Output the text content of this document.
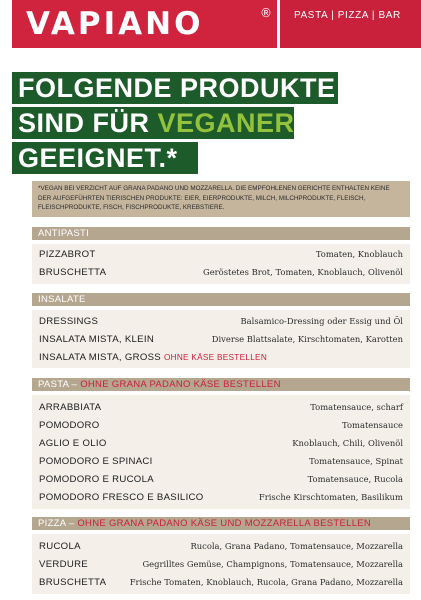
VAPIANO	® PASTA | PIZZA | BAR
FOLGENDE PRODUKTE
SIND FÜR VEGANER
GEEIGNET.*
*VEGAN BEI VERZICHT AUF GRANA PADANO UND MOZZARELLA. DIE EMPFOHLENEN GERICHTE ENTHALTEN KEINE DER AUFGEFÜHRTEN TIERISCHEN PRODUKTE: EIER, EIERPRODUKTE, MILCH, MILCHPRODUKTE, FLEISCH, FLEISCHPRODUKTE, FISCH, FISCHPRODUKTE, KREBSTIERE.
ANTIPASTI
PIZZABROT	Tomaten, Knoblauch
BRUSCHETTA	Geröstetes Brot, Tomaten, Knoblauch, Olivenöl
INSALATE
DRESSINGS	Balsamico-Dressing oder Essig und Öl
INSALATA MISTA, KLEIN	Diverse Blattsalate, Kirschtomaten, Karotten
INSALATA MISTA, GROSS OHNE KÄSE BESTELLEN
PASTA – OHNE GRANA PADANO KÄSE BESTELLEN
ARRABBIATA	Tomatensauce, scharf
POMODORO	Tomatensauce
AGLIO E OLIO	Knoblauch, Chili, Olivenöl
POMODORO E SPINACI	Tomatensauce, Spinat
POMODORO E RUCOLA	Tomatensauce, Rucola
POMODORO FRESCO E BASILICO	Frische Kirschtomaten, Basilikum
PIZZA – OHNE GRANA PADANO KÄSE UND MOZZARELLA BESTELLEN
RUCOLA	Rucola, Grana Padano, Tomatensauce, Mozzarella
VERDURE	Gegrilltes Gemüse, Champignons, Tomatensauce, Mozzarella
BRUSCHETTA	Frische Tomaten, Knoblauch, Rucola, Grana Padano, Mozzarella
